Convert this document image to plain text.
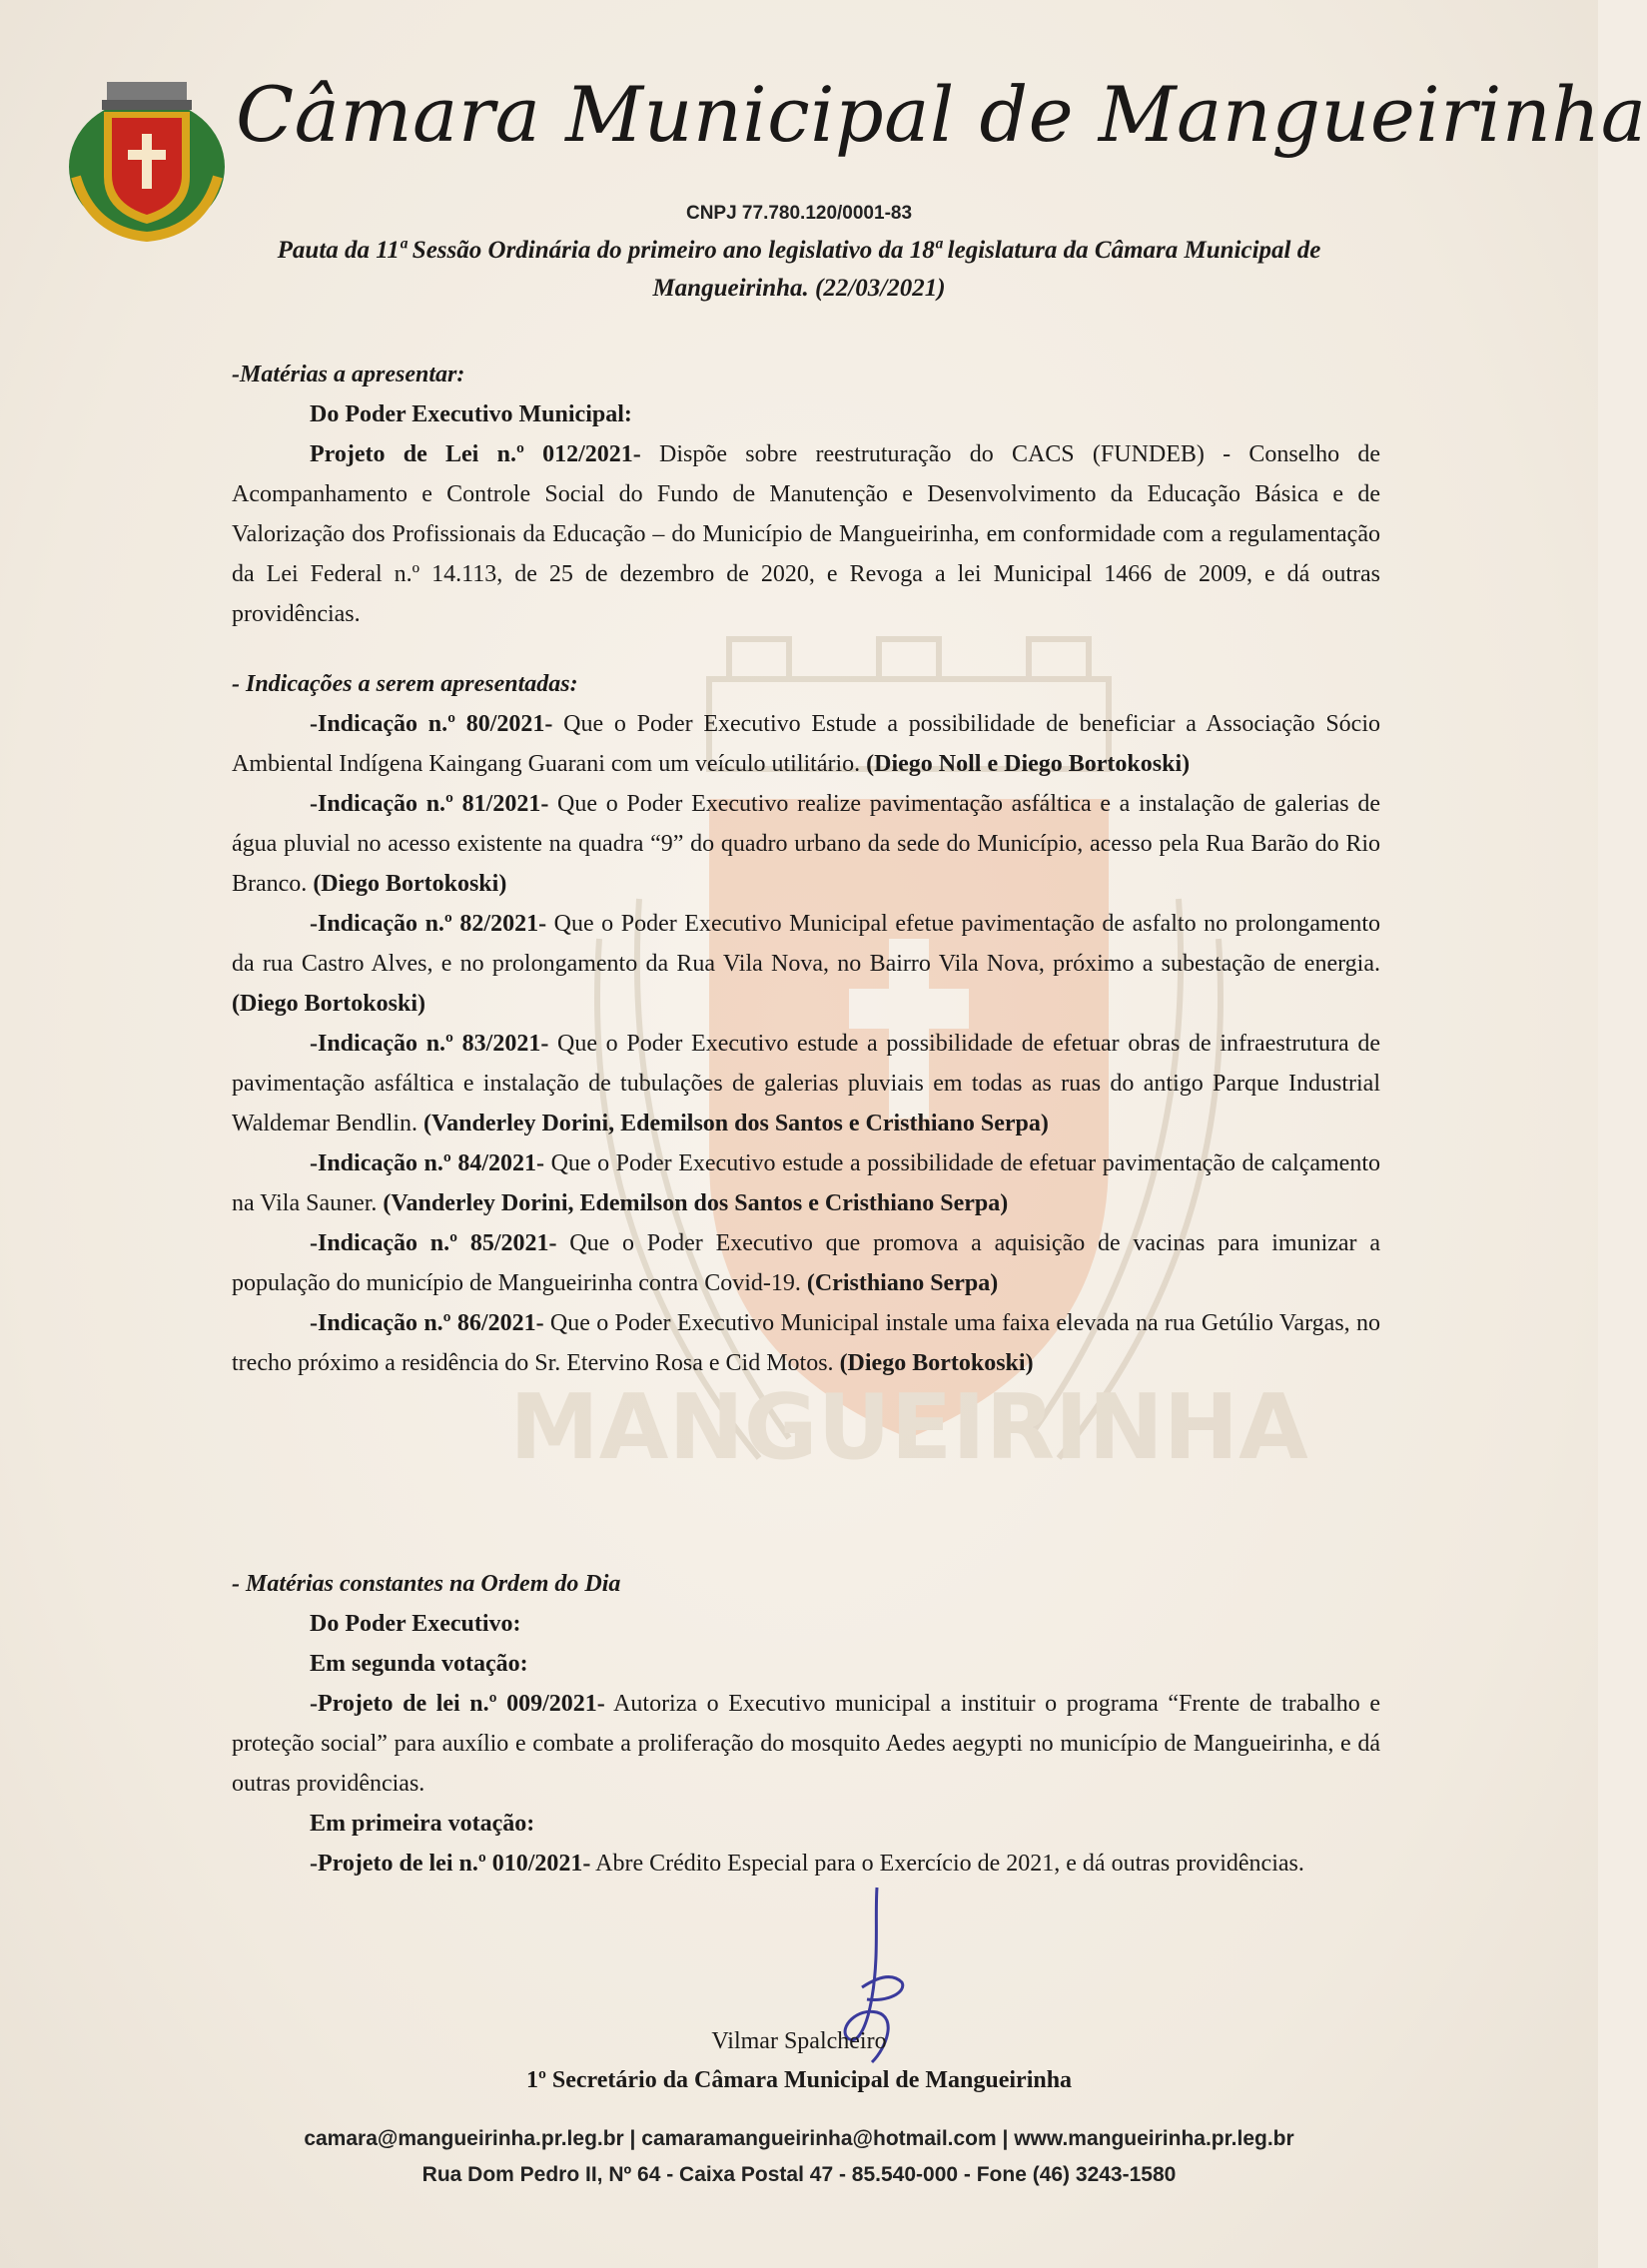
MANGUEIRINHA
Câmara Municipal de Mangueirinha
CNPJ 77.780.120/0001-83
Pauta da 11ª Sessão Ordinária do primeiro ano legislativo da 18ª legislatura da Câmara Municipal de Mangueirinha. (22/03/2021)

-Matérias a apresentar:

Do Poder Executivo Municipal:

Projeto de Lei n.º 012/2021- Dispõe sobre reestruturação do CACS (FUNDEB) - Conselho de Acompanhamento e Controle Social do Fundo de Manutenção e Desenvolvimento da Educação Básica e de Valorização dos Profissionais da Educação – do Município de Mangueirinha, em conformidade com a regulamentação da Lei Federal n.º 14.113, de 25 de dezembro de 2020, e Revoga a lei Municipal 1466 de 2009, e dá outras providências.

- Indicações a serem apresentadas:

-Indicação n.º 80/2021- Que o Poder Executivo Estude a possibilidade de beneficiar a Associação Sócio Ambiental Indígena Kaingang Guarani com um veículo utilitário. (Diego Noll e Diego Bortokoski)

-Indicação n.º 81/2021- Que o Poder Executivo realize pavimentação asfáltica e a instalação de galerias de água pluvial no acesso existente na quadra “9” do quadro urbano da sede do Município, acesso pela Rua Barão do Rio Branco. (Diego Bortokoski)

-Indicação n.º 82/2021- Que o Poder Executivo Municipal efetue pavimentação de asfalto no prolongamento da rua Castro Alves, e no prolongamento da Rua Vila Nova, no Bairro Vila Nova, próximo a subestação de energia. (Diego Bortokoski)

-Indicação n.º 83/2021- Que o Poder Executivo estude a possibilidade de efetuar obras de infraestrutura de pavimentação asfáltica e instalação de tubulações de galerias pluviais em todas as ruas do antigo Parque Industrial Waldemar Bendlin. (Vanderley Dorini, Edemilson dos Santos e Cristhiano Serpa)

-Indicação n.º 84/2021- Que o Poder Executivo estude a possibilidade de efetuar pavimentação de calçamento na Vila Sauner. (Vanderley Dorini, Edemilson dos Santos e Cristhiano Serpa)

-Indicação n.º 85/2021- Que o Poder Executivo que promova a aquisição de vacinas para imunizar a população do município de Mangueirinha contra Covid-19. (Cristhiano Serpa)

-Indicação n.º 86/2021- Que o Poder Executivo Municipal instale uma faixa elevada na rua Getúlio Vargas, no trecho próximo a residência do Sr. Etervino Rosa e Cid Motos. (Diego Bortokoski)

- Matérias constantes na Ordem do Dia

Do Poder Executivo:

Em segunda votação:

-Projeto de lei n.º 009/2021- Autoriza o Executivo municipal a instituir o programa “Frente de trabalho e proteção social” para auxílio e combate a proliferação do mosquito Aedes aegypti no município de Mangueirinha, e dá outras providências.

Em primeira votação:

-Projeto de lei n.º 010/2021- Abre Crédito Especial para o Exercício de 2021, e dá outras providências.

Vilmar Spalcheiro
1º Secretário da Câmara Municipal de Mangueirinha
camara@mangueirinha.pr.leg.br | camaramangueirinha@hotmail.com | www.mangueirinha.pr.leg.br
Rua Dom Pedro II, Nº 64 - Caixa Postal 47 - 85.540-000 - Fone (46) 3243-1580
